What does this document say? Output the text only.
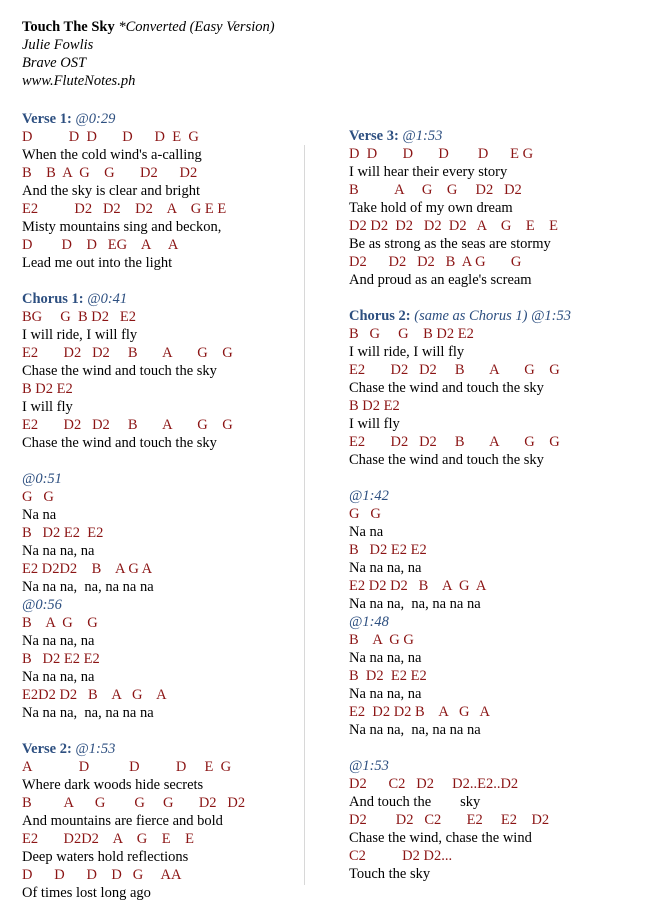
Touch The Sky *Converted (Easy Version)
Julie Fowlis
Brave OST
www.FluteNotes.ph
Verse 1: @0:29
D          D  D       D      D  E  G
When the cold wind's a-calling
B    B  A  G    G       D2      D2
And the sky is clear and bright
E2          D2   D2    D2    A    G E E
Misty mountains sing and beckon,
D        D    D   EG    A     A
Lead me out into the light
Chorus 1: @0:41
BG     G  B D2   E2
I will ride, I will fly
E2       D2   D2     B       A       G    G
Chase the wind and touch the sky
B D2 E2
I will fly
E2       D2   D2     B       A       G    G
Chase the wind and touch the sky
@0:51
G   G
Na na
B   D2 E2  E2
Na na na, na
E2 D2D2    B    A G A
Na na na,  na, na na na
@0:56
B    A  G    G
Na na na, na
B   D2 E2 E2
Na na na, na
E2D2 D2   B    A   G    A
Na na na,  na, na na na
Verse 2: @1:53
A             D           D          D     E  G
Where dark woods hide secrets
B         A      G        G     G       D2   D2
And mountains are fierce and bold
E2       D2D2    A    G    E    E
Deep waters hold reflections
D      D      D    D   G     AA
Of times lost long ago
Verse 3: @1:53
D  D       D       D        D      E G
I will hear their every story
B          A     G    G     D2   D2
Take hold of my own dream
D2 D2  D2   D2  D2   A    G    E    E
Be as strong as the seas are stormy
D2      D2   D2   B  A G       G
And proud as an eagle's scream
Chorus 2: (same as Chorus 1) @1:53
B   G     G    B D2 E2
I will ride, I will fly
E2       D2   D2     B       A       G    G
Chase the wind and touch the sky
B D2 E2
I will fly
E2       D2   D2     B       A       G    G
Chase the wind and touch the sky
@1:42
G   G
Na na
B   D2 E2 E2
Na na na, na
E2 D2 D2   B    A  G  A
Na na na,  na, na na na
@1:48
B    A  G G
Na na na, na
B  D2  E2 E2
Na na na, na
E2  D2 D2 B    A   G   A
Na na na,  na, na na na
@1:53
D2      C2   D2     D2..E2..D2
And touch the        sky
D2        D2   C2       E2     E2    D2
Chase the wind, chase the wind
C2          D2 D2...
Touch the sky
